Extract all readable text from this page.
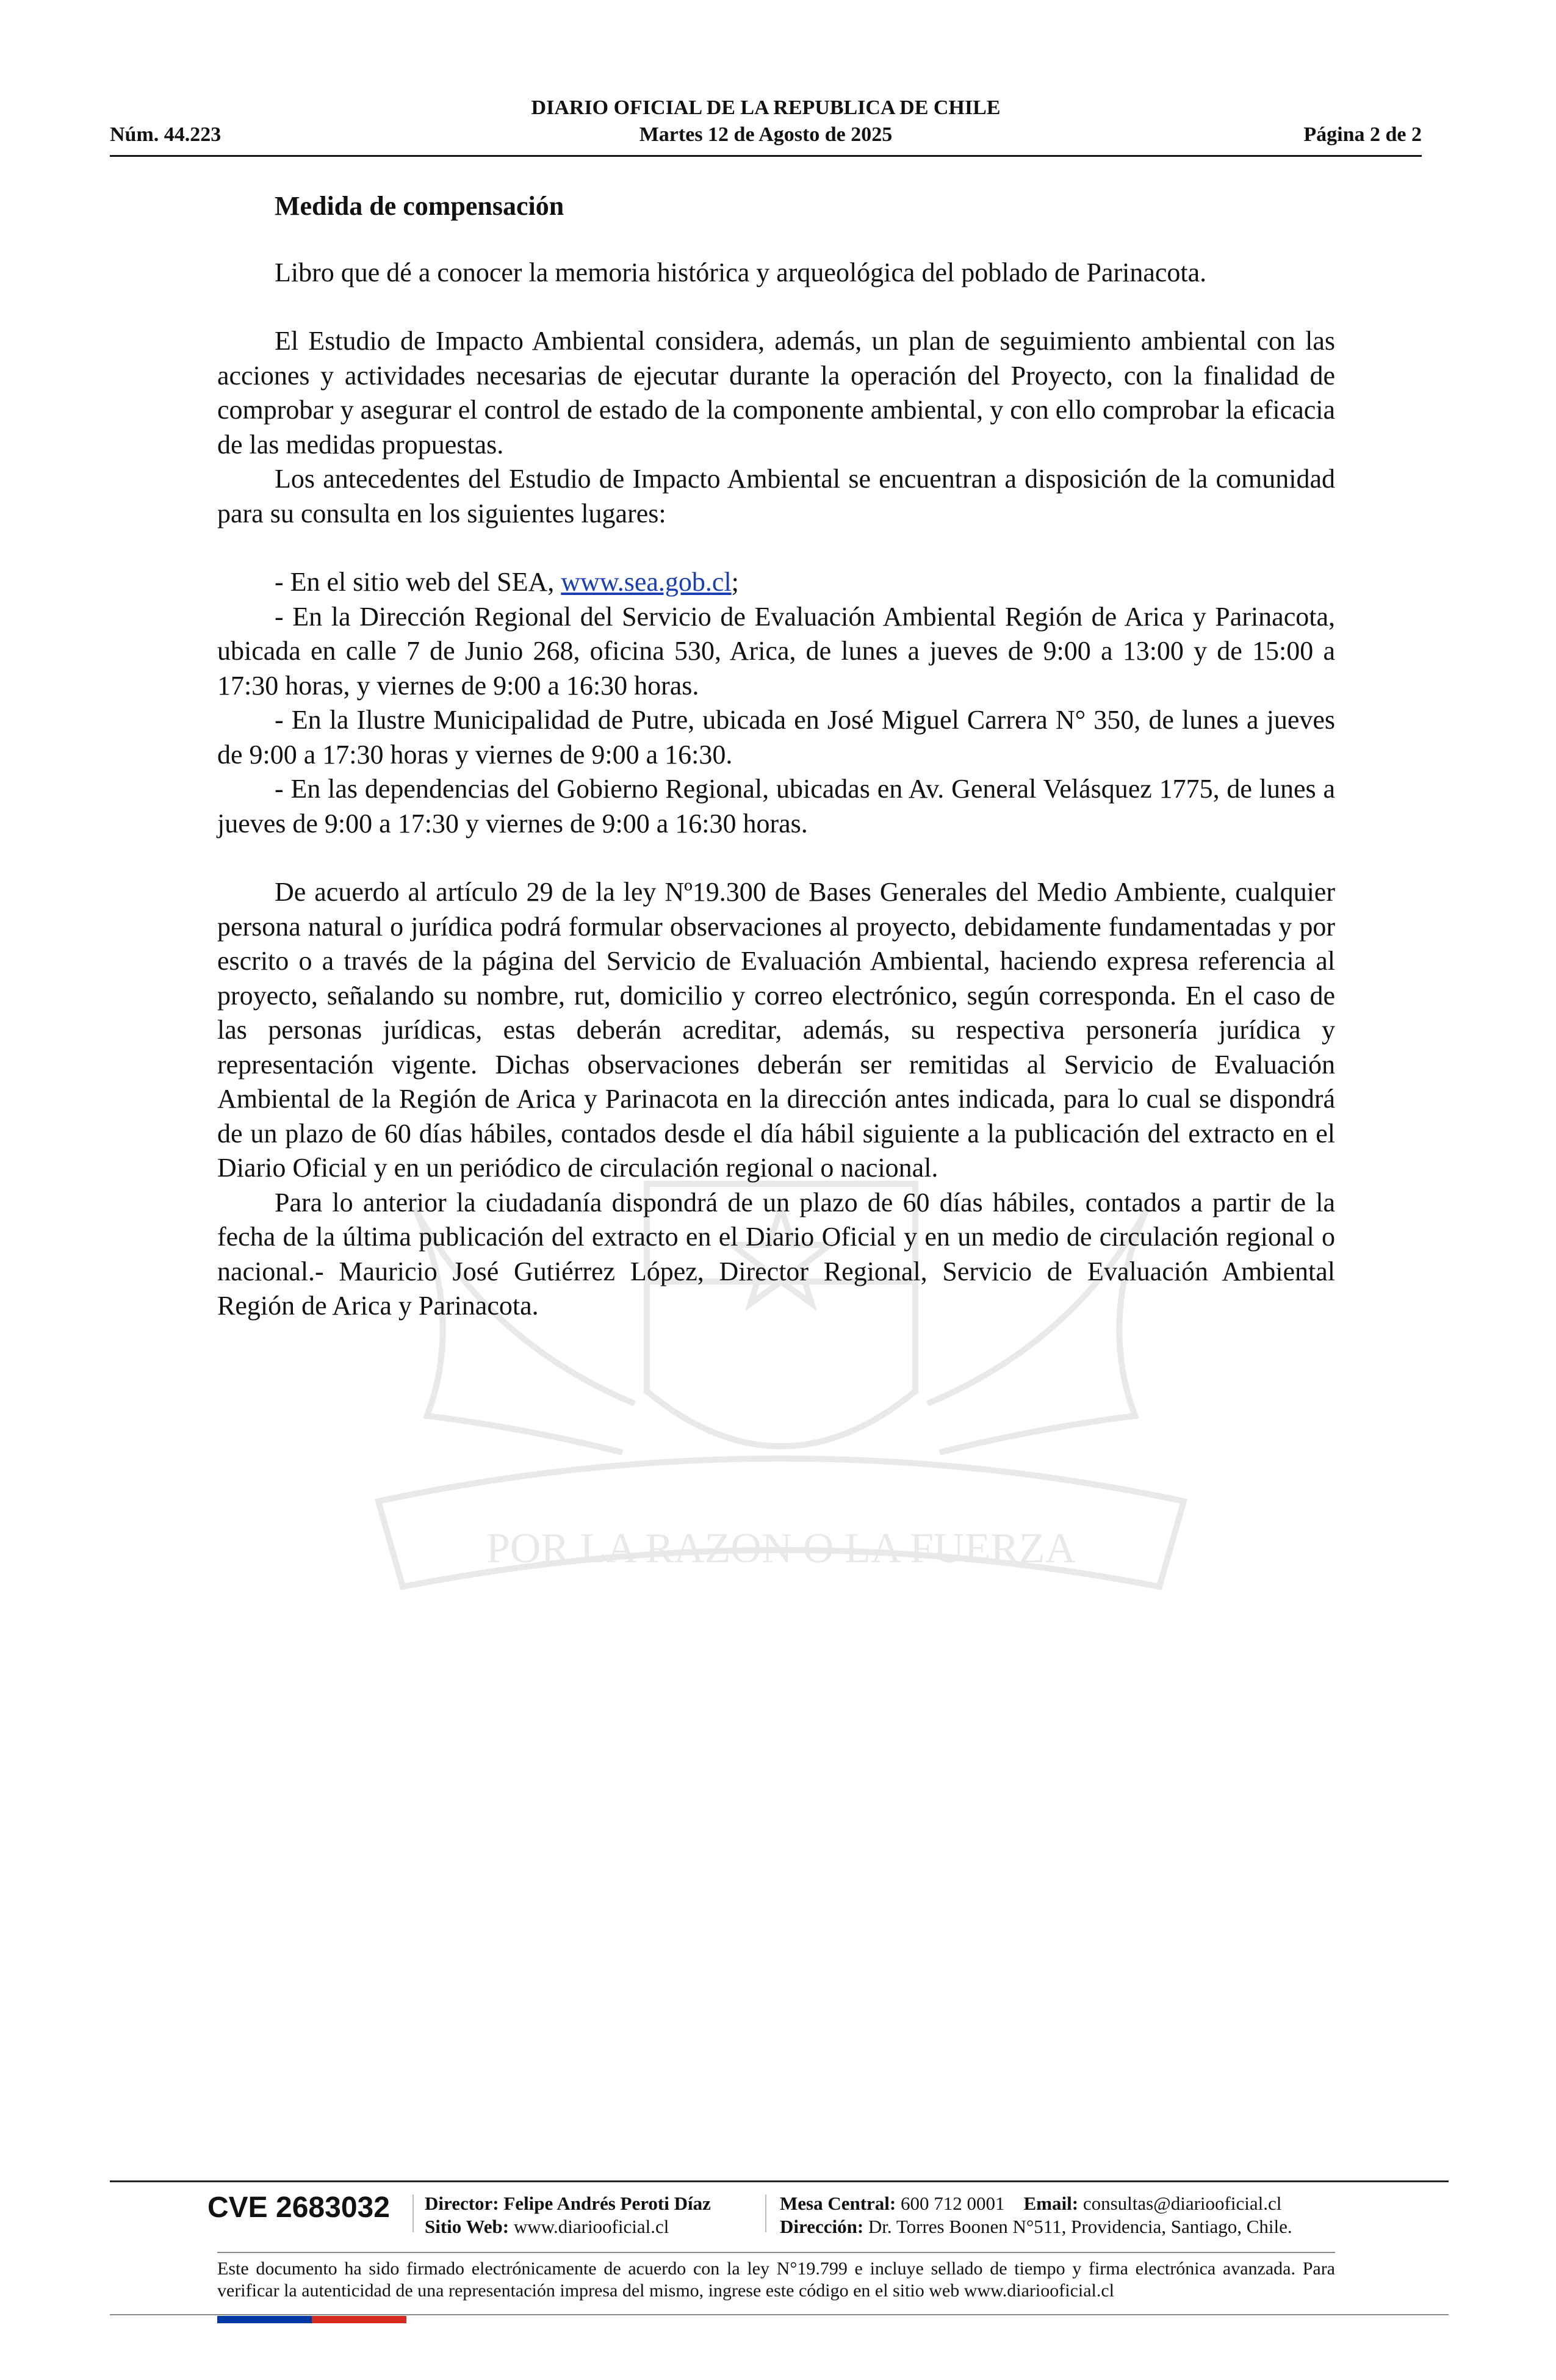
DIARIO OFICIAL DE LA REPUBLICA DE CHILE
Núm. 44.223	Martes 12 de Agosto de 2025	Página 2 de 2
POR LA RAZON O LA FUERZA

Medida de compensación

Libro que dé a conocer la memoria histórica y arqueológica del poblado de Parinacota.

El Estudio de Impacto Ambiental considera, además, un plan de seguimiento ambiental con las acciones y actividades necesarias de ejecutar durante la operación del Proyecto, con la finalidad de comprobar y asegurar el control de estado de la componente ambiental, y con ello comprobar la eficacia de las medidas propuestas.

Los antecedentes del Estudio de Impacto Ambiental se encuentran a disposición de la comunidad para su consulta en los siguientes lugares:

- En el sitio web del SEA, www.sea.gob.cl;

- En la Dirección Regional del Servicio de Evaluación Ambiental Región de Arica y Parinacota, ubicada en calle 7 de Junio 268, oficina 530, Arica, de lunes a jueves de 9:00 a 13:00 y de 15:00 a 17:30 horas, y viernes de 9:00 a 16:30 horas.

- En la Ilustre Municipalidad de Putre, ubicada en José Miguel Carrera N° 350, de lunes a jueves de 9:00 a 17:30 horas y viernes de 9:00 a 16:30.

- En las dependencias del Gobierno Regional, ubicadas en Av. General Velásquez 1775, de lunes a jueves de 9:00 a 17:30 y viernes de 9:00 a 16:30 horas.

De acuerdo al artículo 29 de la ley Nº19.300 de Bases Generales del Medio Ambiente, cualquier persona natural o jurídica podrá formular observaciones al proyecto, debidamente fundamentadas y por escrito o a través de la página del Servicio de Evaluación Ambiental, haciendo expresa referencia al proyecto, señalando su nombre, rut, domicilio y correo electrónico, según corresponda. En el caso de las personas jurídicas, estas deberán acreditar, además, su respectiva personería jurídica y representación vigente. Dichas observaciones deberán ser remitidas al Servicio de Evaluación Ambiental de la Región de Arica y Parinacota en la dirección antes indicada, para lo cual se dispondrá de un plazo de 60 días hábiles, contados desde el día hábil siguiente a la publicación del extracto en el Diario Oficial y en un periódico de circulación regional o nacional.

Para lo anterior la ciudadanía dispondrá de un plazo de 60 días hábiles, contados a partir de la fecha de la última publicación del extracto en el Diario Oficial y en un medio de circulación regional o nacional.- Mauricio José Gutiérrez López, Director Regional, Servicio de Evaluación Ambiental Región de Arica y Parinacota.

CVE 2683032 Director: Felipe Andrés Peroti Díaz
Sitio Web: www.diariooficial.cl
Mesa Central: 600 712 0001 Email: consultas@diariooficial.cl
Dirección: Dr. Torres Boonen N°511, Providencia, Santiago, Chile.
Este documento ha sido firmado electrónicamente de acuerdo con la ley N°19.799 e incluye sellado de tiempo y firma electrónica avanzada. Para verificar la autenticidad de una representación impresa del mismo, ingrese este código en el sitio web www.diariooficial.cl
